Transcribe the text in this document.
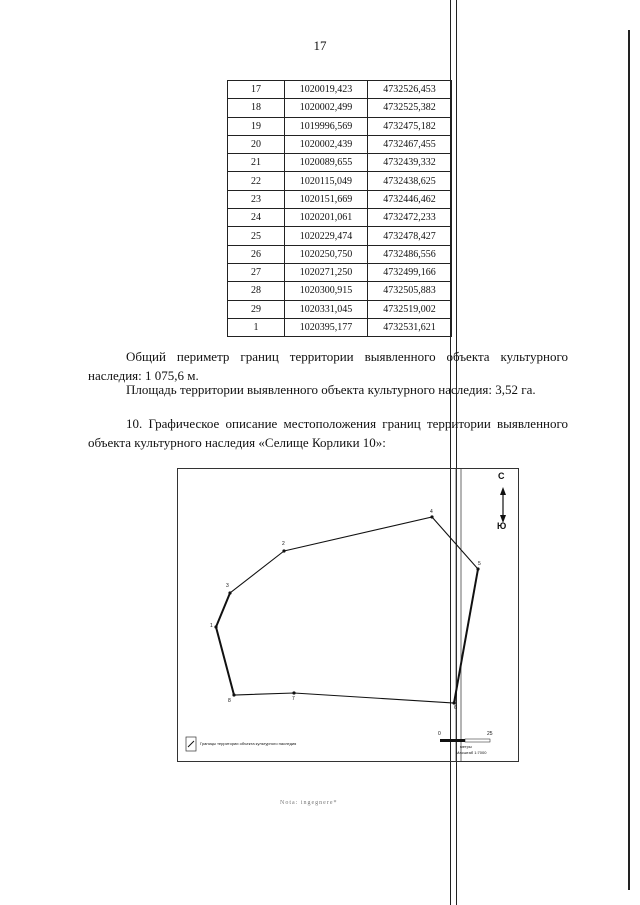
17
17	1020019,423	4732526,453
18	1020002,499	4732525,382
19	1019996,569	4732475,182
20	1020002,439	4732467,455
21	1020089,655	4732439,332
22	1020115,049	4732438,625
23	1020151,669	4732446,462
24	1020201,061	4732472,233
25	1020229,474	4732478,427
26	1020250,750	4732486,556
27	1020271,250	4732499,166
28	1020300,915	4732505,883
29	1020331,045	4732519,002
1	1020395,177	4732531,621
Общий периметр границ территории выявленного объекта культурного наследия: 1 075,6 м.
Площадь территории выявленного объекта культурного наследия: 3,52 га.
10. Графическое описание местоположения границ территории выявленного объекта культурного наследия «Селище Корлики 10»:
2
4
5
6
7
8
1
3
С
Ю
Границы территории объекта культурного наследия
0	25
метры
Масштаб 1:7000
Nota: ingegnere*
